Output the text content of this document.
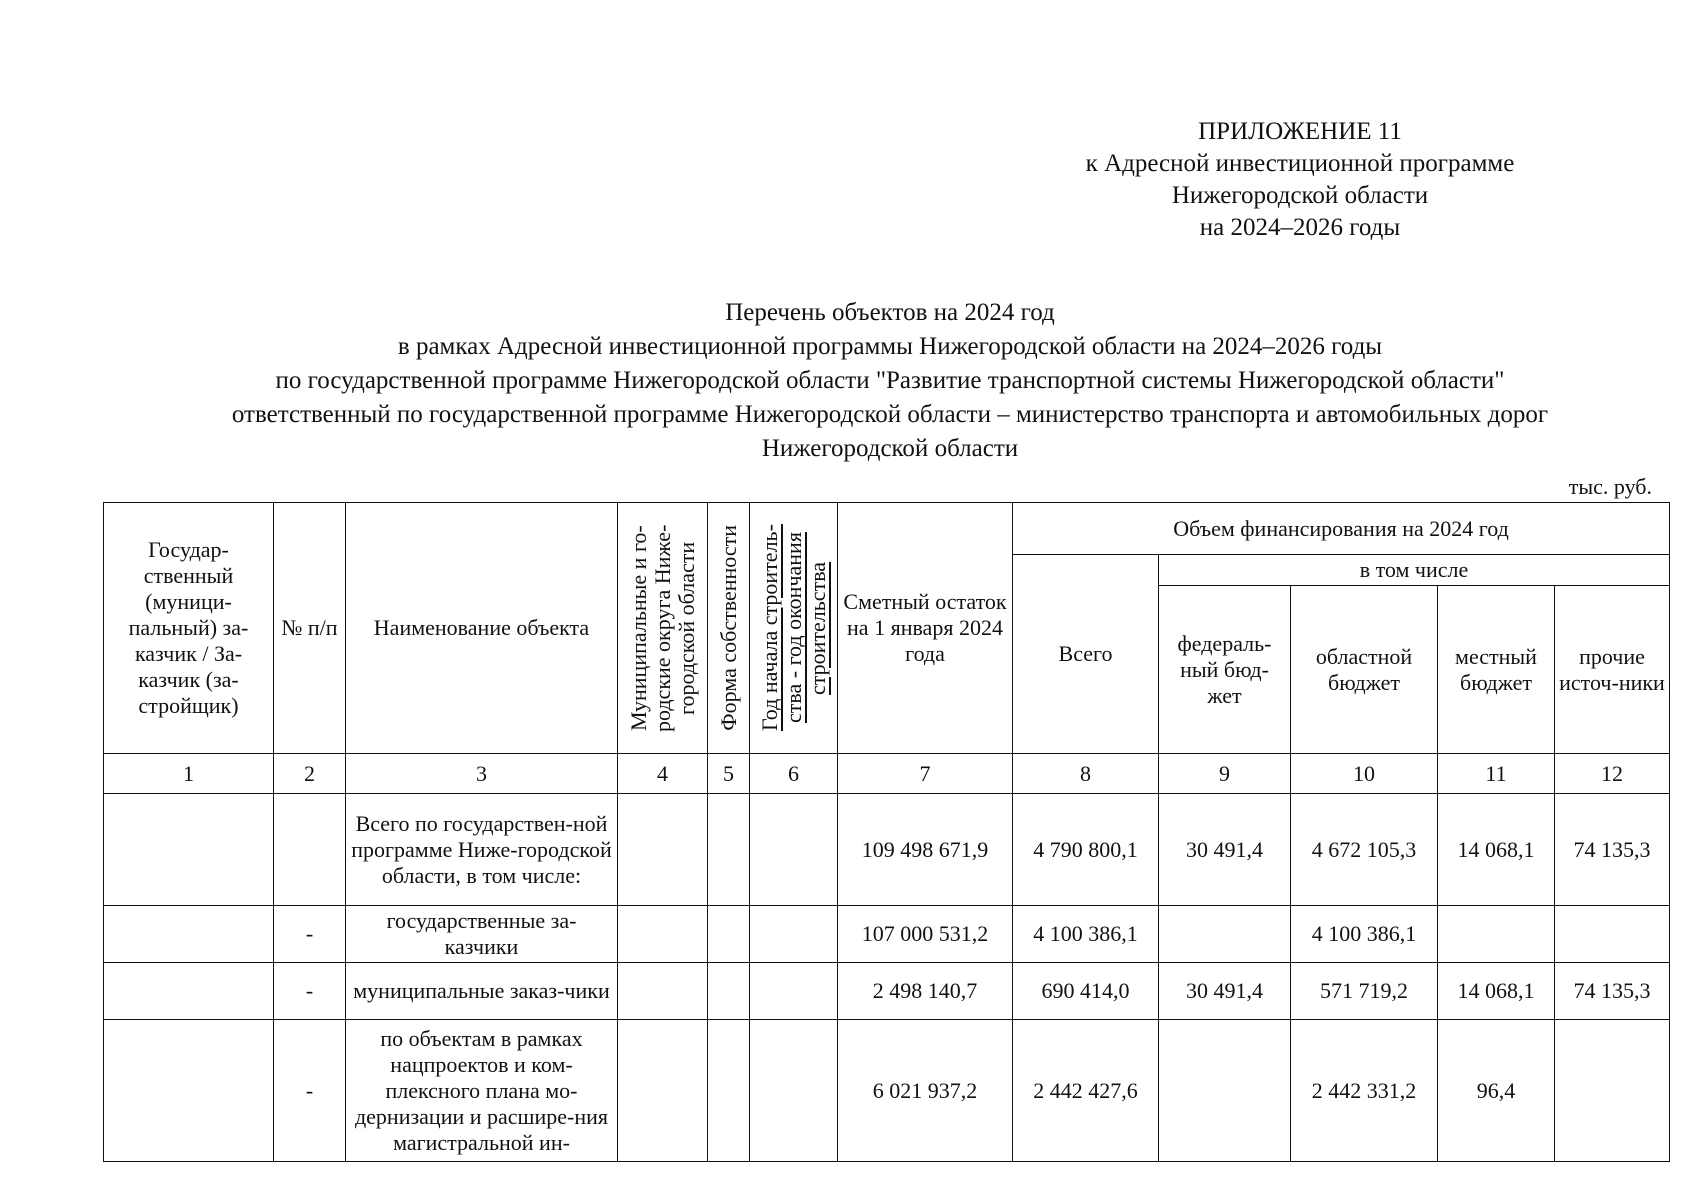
ПРИЛОЖЕНИЕ 11
к Адресной инвестиционной программе
Нижегородской области
на 2024–2026 годы
Перечень объектов на 2024 год
в рамках Адресной инвестиционной программы Нижегородской области на 2024–2026 годы
по государственной программе Нижегородской области "Развитие транспортной системы Нижегородской области"
ответственный по государственной программе Нижегородской области – министерство транспорта и автомобильных дорог
Нижегородской области
тыс. руб.
Государ-ственный (муници-пальный) за-казчик / За-казчик (за-стройщик)	№ п/п	Наименование объекта	Муниципальные и го-родские округа Ниже-городской области	Форма собственности	Год начала строитель-ства - год окончания строительства	Сметный остаток на 1 января 2024 года	Объем финансирования на 2024 год				
							Всего	в том числе			
								федераль-ный бюд-жет	областной бюджет	местный бюджет	прочие источ-ники
1	2	3	4	5	6	7	8	9	10	11	12
		Всего по государствен-ной программе Ниже-городской области, в том числе:				109 498 671,9	4 790 800,1	30 491,4	4 672 105,3	14 068,1	74 135,3
	-	государственные за-казчики				107 000 531,2	4 100 386,1		4 100 386,1		
	-	муниципальные заказ-чики				2 498 140,7	690 414,0	30 491,4	571 719,2	14 068,1	74 135,3
	-	по объектам в рамках нацпроектов и ком-плексного плана мо-дернизации и расшире-ния магистральной ин-				6 021 937,2	2 442 427,6		2 442 331,2	96,4	
